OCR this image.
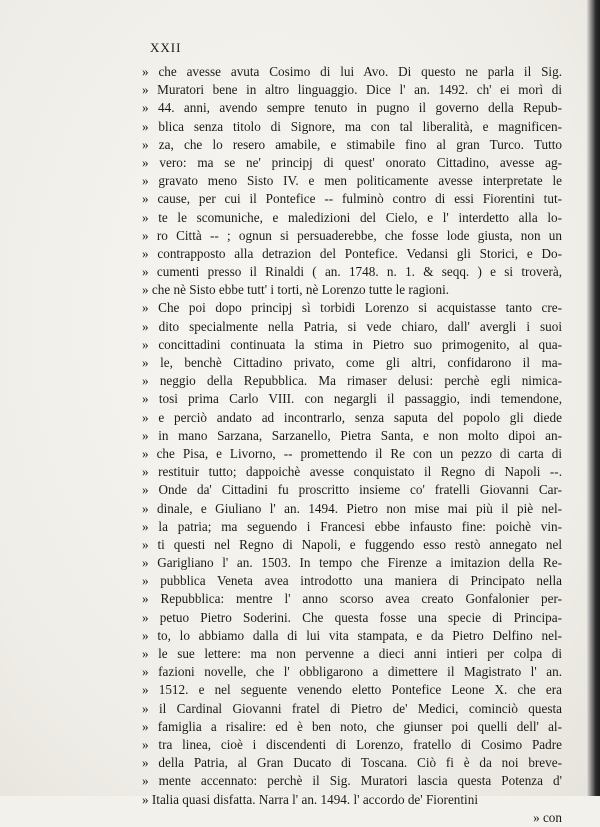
XXII
» che avesse avuta Cosimo di lui Avo. Di questo ne parla il Sig.
» Muratori bene in altro linguaggio. Dice l' an. 1492. ch' ei morì di
» 44. anni, avendo sempre tenuto in pugno il governo della Repub-
» blica senza titolo di Signore, ma con tal liberalità, e magnificen-
» za, che lo resero amabile, e stimabile fino al gran Turco. Tutto
» vero: ma se ne' principj di quest' onorato Cittadino, avesse ag-
» gravato meno Sisto IV. e men politicamente avesse interpretate le
» cause, per cui il Pontefice -- fulminò contro di essi Fiorentini tut-
» te le scomuniche, e maledizioni del Cielo, e l' interdetto alla lo-
» ro Città -- ; ognun si persuaderebbe, che fosse lode giusta, non un
» contrapposto alla detrazion del Pontefice. Vedansi gli Storici, e Do-
» cumenti presso il Rinaldi ( an. 1748. n. 1. & seqq. ) e si troverà,
» che nè Sisto ebbe tutt' i torti, nè Lorenzo tutte le ragioni.
» Che poi dopo principj sì torbidi Lorenzo si acquistasse tanto cre-
» dito specialmente nella Patria, si vede chiaro, dall' avergli i suoi
» concittadini continuata la stima in Pietro suo primogenito, al qua-
» le, benchè Cittadino privato, come gli altri, confidarono il ma-
» neggio della Repubblica. Ma rimaser delusi: perchè egli nimica-
» tosi prima Carlo VIII. con negargli il passaggio, indi temendone,
» e perciò andato ad incontrarlo, senza saputa del popolo gli diede
» in mano Sarzana, Sarzanello, Pietra Santa, e non molto dipoi an-
» che Pisa, e Livorno, -- promettendo il Re con un pezzo di carta di
» restituir tutto; dappoichè avesse conquistato il Regno di Napoli --.
» Onde da' Cittadini fu proscritto insieme co' fratelli Giovanni Car-
» dinale, e Giuliano l' an. 1494. Pietro non mise mai più il piè nel-
» la patria; ma seguendo i Francesi ebbe infausto fine: poichè vin-
» ti questi nel Regno di Napoli, e fuggendo esso restò annegato nel
» Garigliano l' an. 1503. In tempo che Firenze a imitazion della Re-
» pubblica Veneta avea introdotto una maniera di Principato nella
» Repubblica: mentre l' anno scorso avea creato Gonfalonier per-
» petuo Pietro Soderini. Che questa fosse una specie di Principa-
» to, lo abbiamo dalla di lui vita stampata, e da Pietro Delfino nel-
» le sue lettere: ma non pervenne a dieci anni intieri per colpa di
» fazioni novelle, che l' obbligarono a dimettere il Magistrato l' an.
» 1512. e nel seguente venendo eletto Pontefice Leone X. che era
» il Cardinal Giovanni fratel di Pietro de' Medici, cominciò questa
» famiglia a risalire: ed è ben noto, che giunser poi quelli dell' al-
» tra linea, cioè i discendenti di Lorenzo, fratello di Cosimo Padre
» della Patria, al Gran Ducato di Toscana. Ciò fi è da noi breve-
» mente accennato: perchè il Sig. Muratori lascia questa Potenza d'
» Italia quasi disfatta. Narra l' an. 1494. l' accordo de' Fiorentini
» con
